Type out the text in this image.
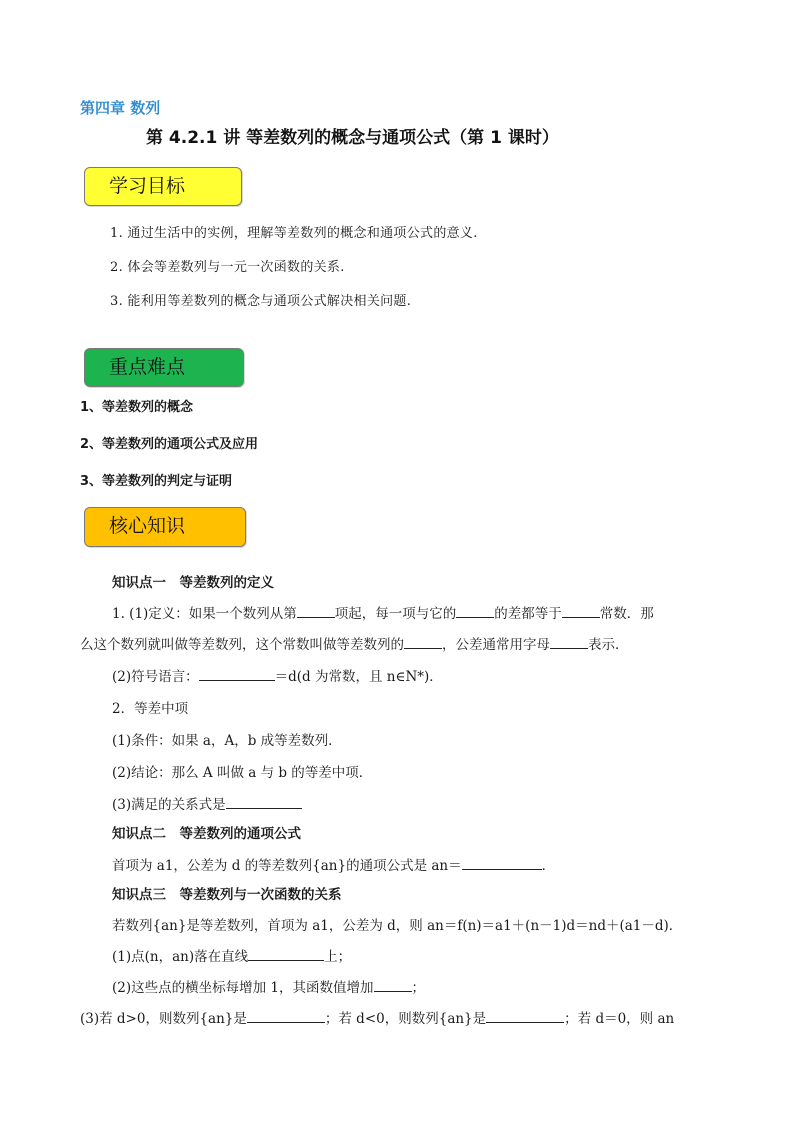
第四章 数列
第 4.2.1 讲 等差数列的概念与通项公式（第 1 课时）
学习目标
1. 通过生活中的实例，理解等差数列的概念和通项公式的意义.
2. 体会等差数列与一元一次函数的关系.
3. 能利用等差数列的概念与通项公式解决相关问题.
重点难点
1、等差数列的概念
2、等差数列的通项公式及应用
3、等差数列的判定与证明
核心知识
知识点一　等差数列的定义
1. (1)定义：如果一个数列从第	项起，每一项与它的	的差都等于	常数．那
么这个数列就叫做等差数列，这个常数叫做等差数列的	，公差通常用字母	表示．
(2)符号语言：	＝d(d 为常数，且 n∈N*)．
2．等差中项
(1)条件：如果 a，A，b 成等差数列．
(2)结论：那么 A 叫做 a 与 b 的等差中项．
(3)满足的关系式是
知识点二　等差数列的通项公式
首项为 a1，公差为 d 的等差数列{an}的通项公式是 an＝	．
知识点三　等差数列与一次函数的关系
若数列{an}是等差数列，首项为 a1，公差为 d，则 an＝f(n)＝a1＋(n－1)d＝nd＋(a1－d)．
(1)点(n，an)落在直线	上；
(2)这些点的横坐标每增加 1，其函数值增加	；
(3)若 d>0，则数列{an}是	；若 d<0，则数列{an}是	；若 d＝0，则 an
